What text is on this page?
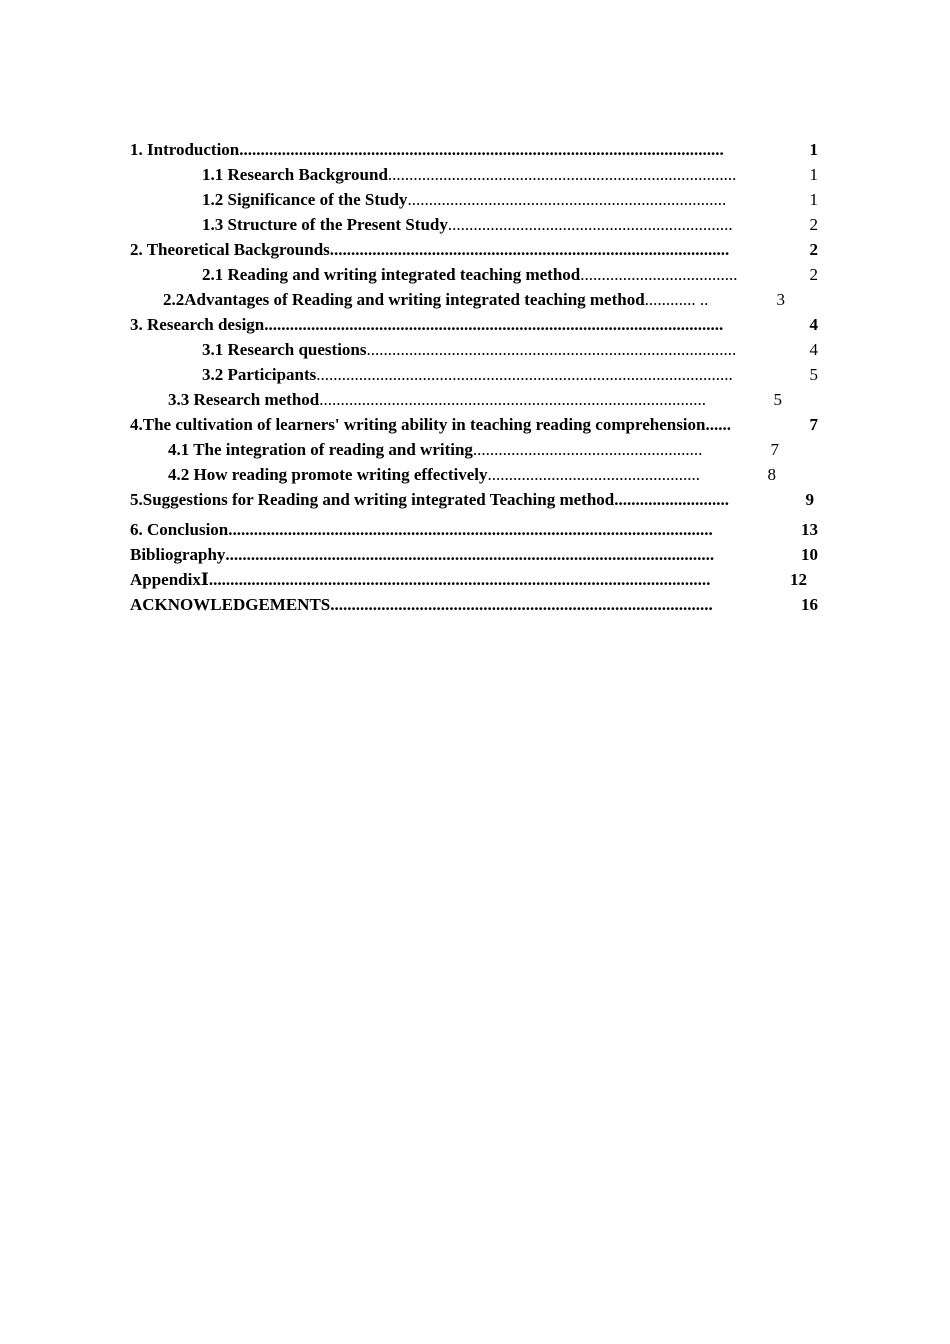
1. Introduction ..................................................................................................................	1
1.1 Research Background ..................................................................................	1
1.2 Significance of the Study ...........................................................................	1
1.3 Structure of the Present Study ...................................................................	2
2. Theoretical Backgrounds ..............................................................................................	2
2.1 Reading and writing integrated teaching method .....................................	2
2.2Advantages of Reading and writing integrated teaching method ............ ..	3
3. Research design ............................................................................................................	4
3.1 Research questions .......................................................................................	4
3.2 Participants ..................................................................................................	5
3.3 Research method ...........................................................................................	5
4.The cultivation of learners' writing ability in teaching reading comprehension ......	7
4.1 The integration of reading and writing ......................................................	7
4.2 How reading promote writing effectively ..................................................	8
5.Suggestions for Reading and writing integrated Teaching method ...........................	9
6. Conclusion ..................................................................................................................	13
Bibliography ...................................................................................................................	10
AppendixⅠ ......................................................................................................................	12
ACKNOWLEDGEMENTS ..........................................................................................	16
